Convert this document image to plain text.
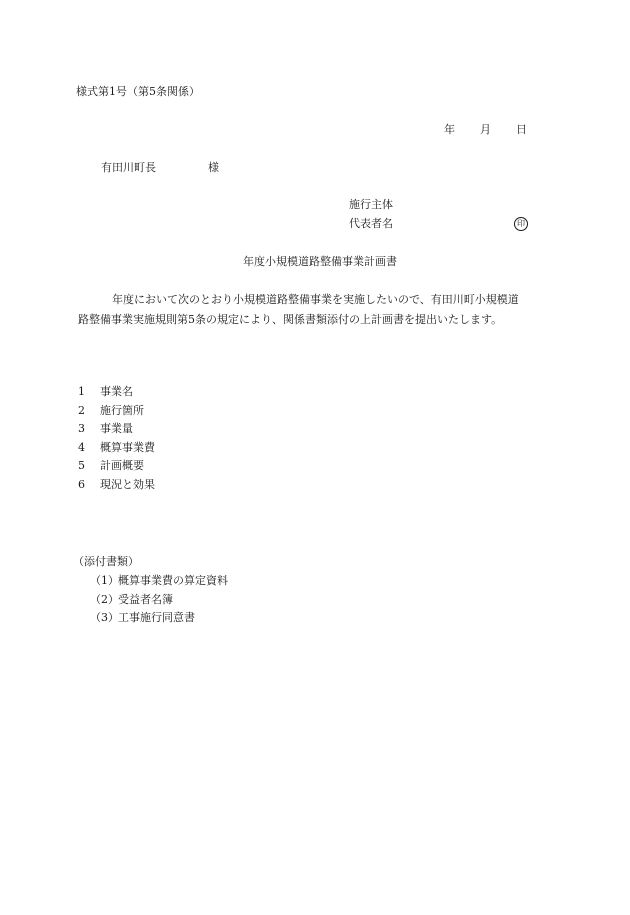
様式第1号（第5条関係）
年 月 日
有田川町長	様
施行主体
代表者名	印
年度小規模道路整備事業計画書

年度において次のとおり小規模道路整備事業を実施したいので、有田川町小規模道

路整備事業実施規則第5条の規定により、関係書類添付の上計画書を提出いたします。

1 事業名
2 施行箇所
3 事業量
4 概算事業費
5 計画概要
6 現況と効果
（添付書類）
（1）概算事業費の算定資料
（2）受益者名簿
（3）工事施行同意書
